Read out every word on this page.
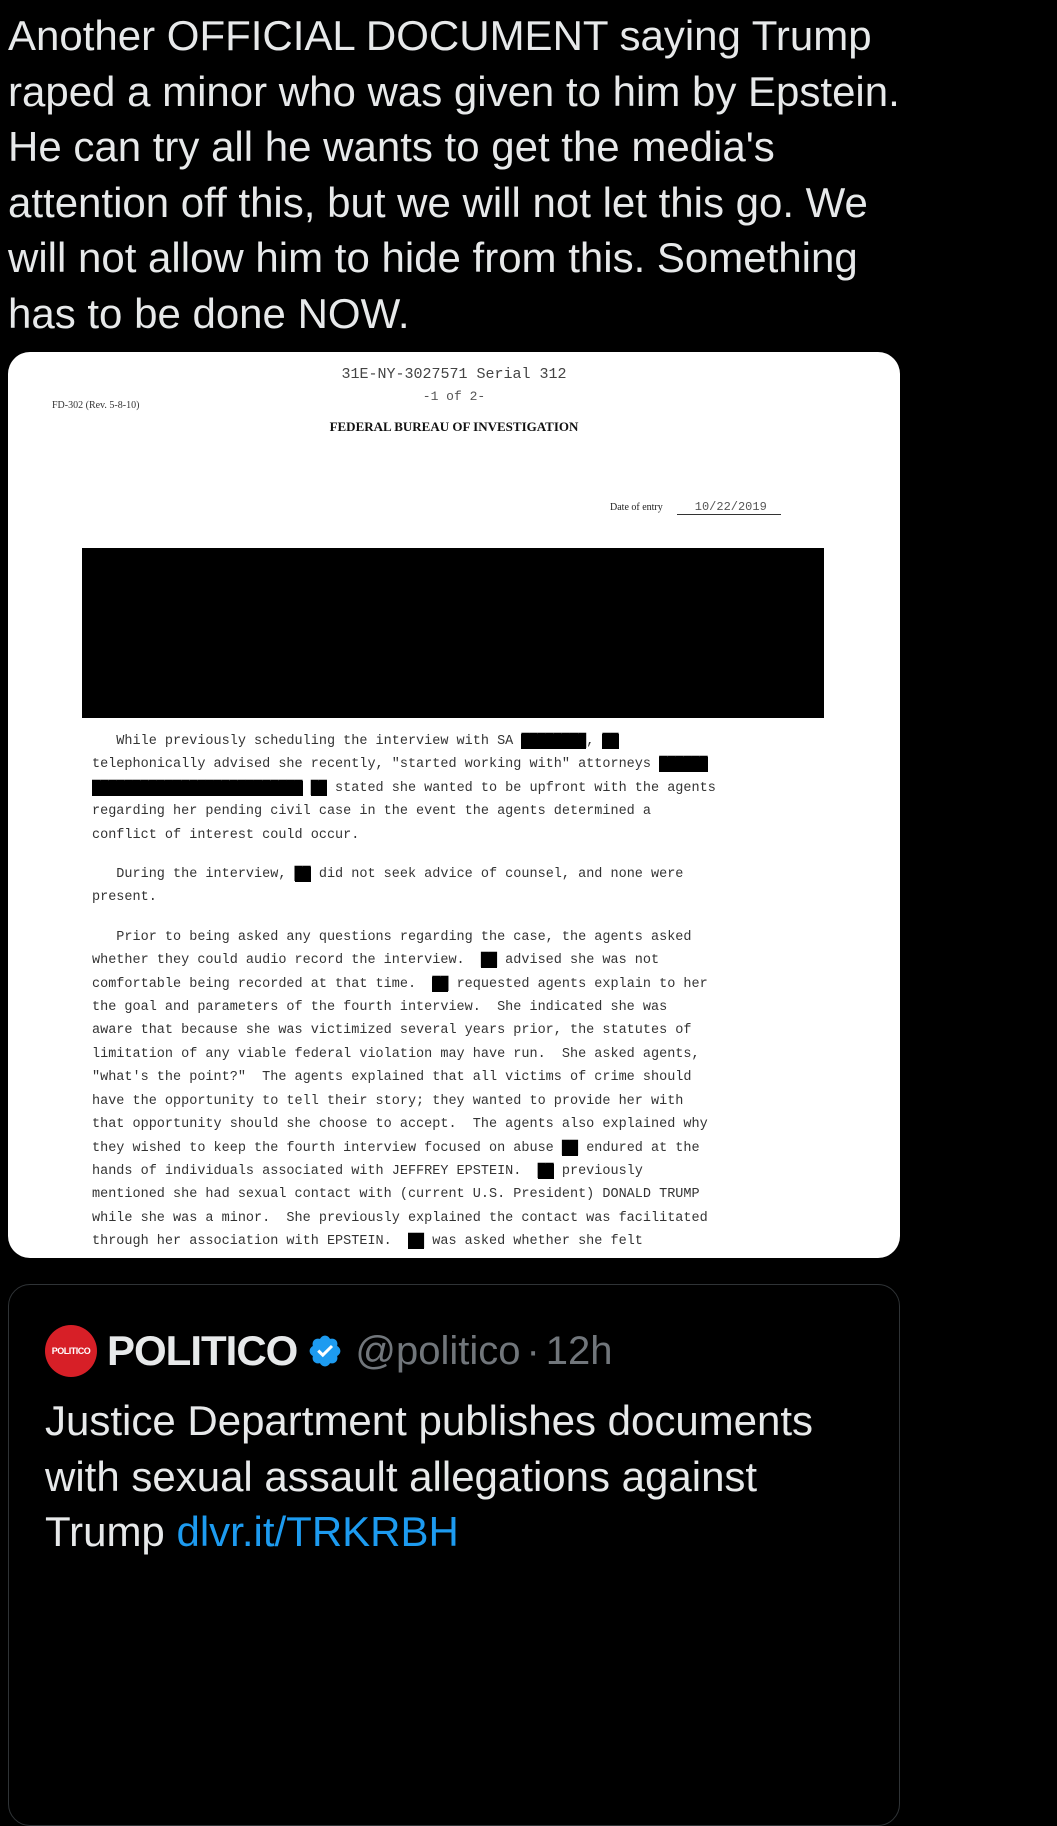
Another OFFICIAL DOCUMENT saying Trump
raped a minor who was given to him by Epstein.
He can try all he wants to get the media's
attention off this, but we will not let this go. We
will not allow him to hide from this. Something
has to be done NOW.
31E-NY-3027571 Serial 312
-1 of 2-
FD-302 (Rev. 5-8-10)
FEDERAL BUREAU OF INVESTIGATION
Date of entry	10/22/2019
While previously scheduling the interview with SA ████████, ██
telephonically advised she recently, "started working with" attorneys ██████
██████████████████████████ ██ stated she wanted to be upfront with the agents
regarding her pending civil case in the event the agents determined a
conflict of interest could occur.
During the interview, ██ did not seek advice of counsel, and none were
present.
Prior to being asked any questions regarding the case, the agents asked
whether they could audio record the interview.  ██ advised she was not
comfortable being recorded at that time.  ██ requested agents explain to her
the goal and parameters of the fourth interview.  She indicated she was
aware that because she was victimized several years prior, the statutes of
limitation of any viable federal violation may have run.  She asked agents,
"what's the point?"  The agents explained that all victims of crime should
have the opportunity to tell their story; they wanted to provide her with
that opportunity should she choose to accept.  The agents also explained why
they wished to keep the fourth interview focused on abuse ██ endured at the
hands of individuals associated with JEFFREY EPSTEIN.  ██ previously
mentioned she had sexual contact with (current U.S. President) DONALD TRUMP
while she was a minor.  She previously explained the contact was facilitated
through her association with EPSTEIN.  ██ was asked whether she felt
POLITICO POLITICO @politico · 12h
Justice Department publishes documents with sexual assault allegations against Trump dlvr.it/TRKRBH
